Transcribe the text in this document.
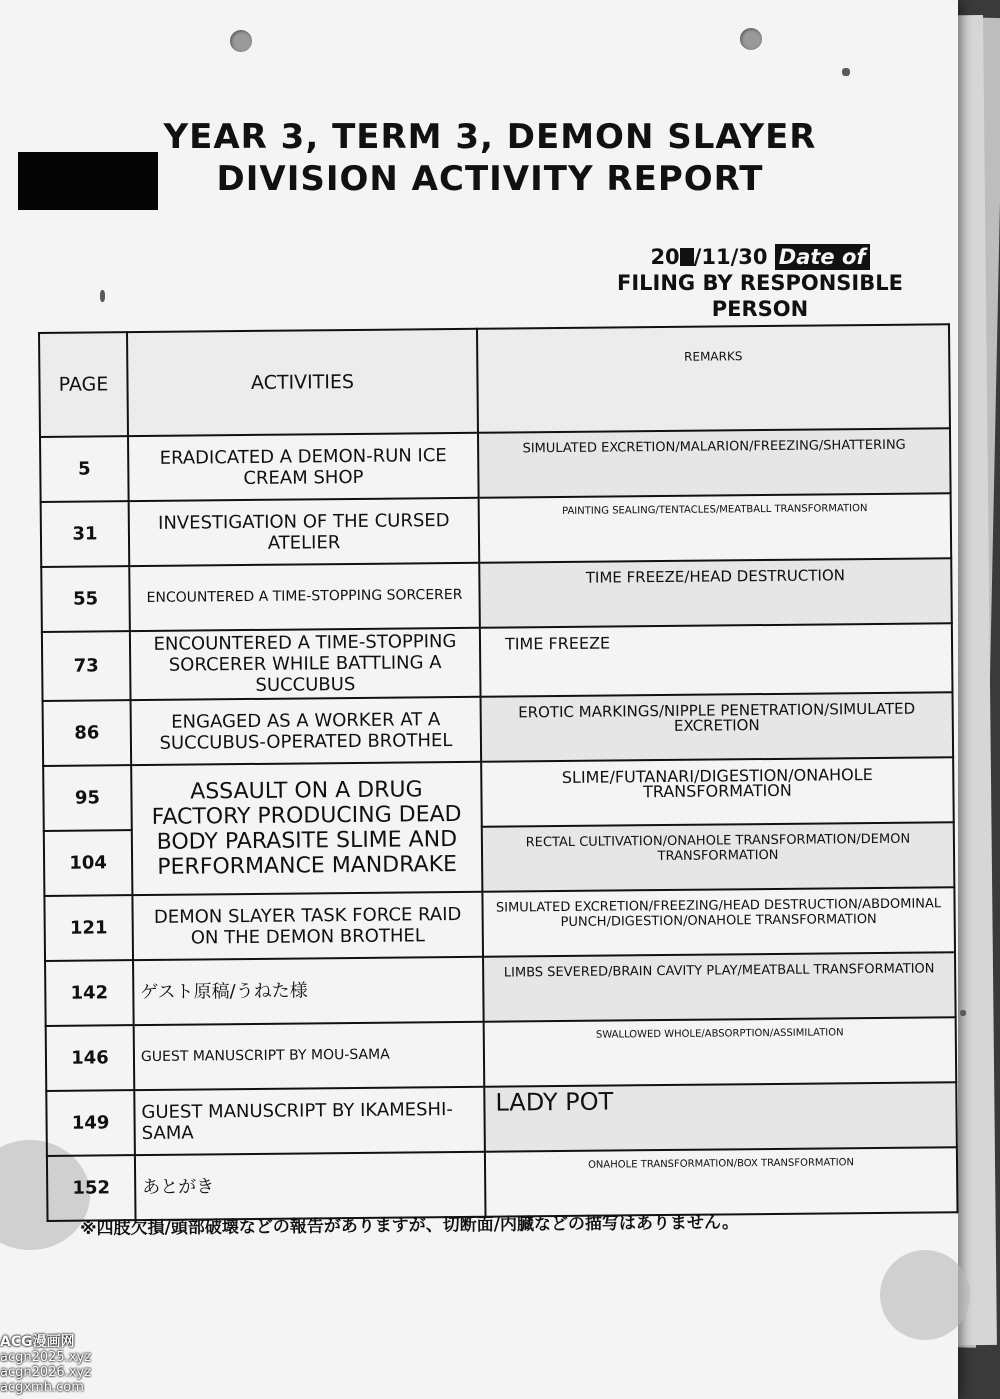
YEAR 3, TERM 3, DEMON SLAYER
DIVISION ACTIVITY REPORT
20 /11/30 Date of
FILING BY RESPONSIBLE
PERSON
PAGE	ACTIVITIES	REMARKS
5	ERADICATED A DEMON-RUN ICE CREAM SHOP	SIMULATED EXCRETION/MALARION/FREEZING/SHATTERING
31	INVESTIGATION OF THE CURSED ATELIER	PAINTING SEALING/TENTACLES/MEATBALL TRANSFORMATION
55	ENCOUNTERED A TIME-STOPPING SORCERER	TIME FREEZE/HEAD DESTRUCTION
73	ENCOUNTERED A TIME-STOPPING SORCERER WHILE BATTLING A SUCCUBUS	TIME FREEZE
86	ENGAGED AS A WORKER AT A SUCCUBUS-OPERATED BROTHEL	EROTIC MARKINGS/NIPPLE PENETRATION/SIMULATED EXCRETION
95	ASSAULT ON A DRUG FACTORY PRODUCING DEAD BODY PARASITE SLIME AND PERFORMANCE MANDRAKE	SLIME/FUTANARI/DIGESTION/ONAHOLE TRANSFORMATION
104		RECTAL CULTIVATION/ONAHOLE TRANSFORMATION/DEMON TRANSFORMATION
121	DEMON SLAYER TASK FORCE RAID ON THE DEMON BROTHEL	SIMULATED EXCRETION/FREEZING/HEAD DESTRUCTION/ABDOMINAL PUNCH/DIGESTION/ONAHOLE TRANSFORMATION
142	ゲスト原稿/うねた様	LIMBS SEVERED/BRAIN CAVITY PLAY/MEATBALL TRANSFORMATION
146	GUEST MANUSCRIPT BY MOU-SAMA	SWALLOWED WHOLE/ABSORPTION/ASSIMILATION
149	GUEST MANUSCRIPT BY IKAMESHI-SAMA	LADY POT
152	あとがき	ONAHOLE TRANSFORMATION/BOX TRANSFORMATION
※四肢欠損/頭部破壊などの報告がありますが、切断面/内臓などの描写はありません。
ACG漫画网
acgn2025.xyz
acgn2026.xyz
acgxmh.com
